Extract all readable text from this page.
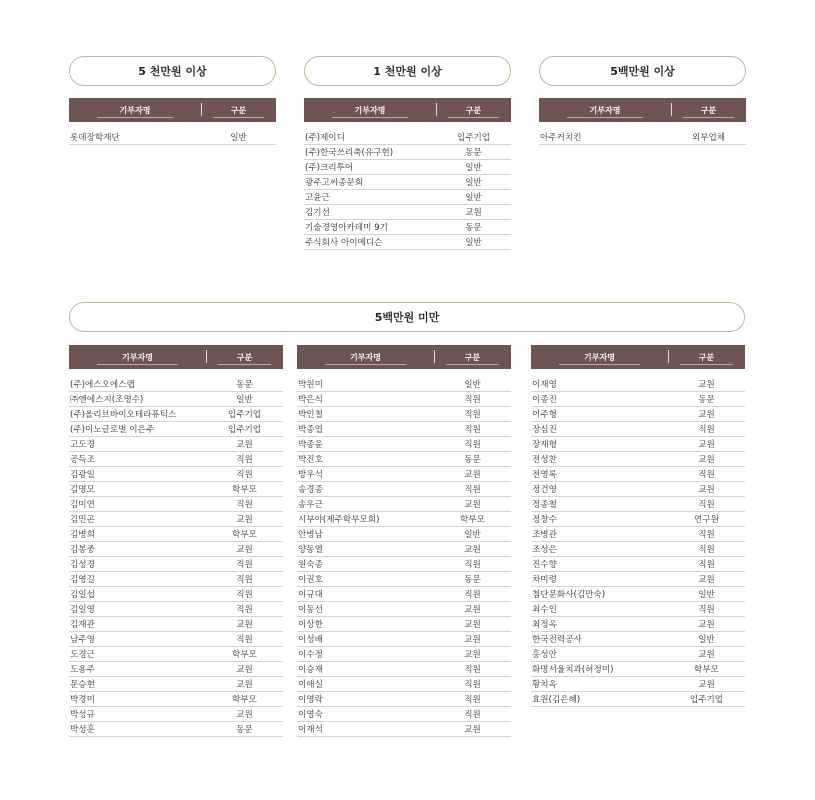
5 천만원 이상	1 천만원 이상	5백만원 이상
5백만원 미만
기부자명	구분
롯데장학재단	일반
기부자명	구분
(주)제이디	입주기업
(주)한국쓰리축(유구현)	동문
(주)크리투어	일반
광주고씨종문회	일반
고윤근	일반
김기선	교원
기술경영아카데미 9기	동문
주식회사 아이메디슨	일반
기부자명	구분
아주커치킨	외부업체
기부자명	구분
(주)에스오에스랩	동문
㈜엔에스지(조명수)	일반
(주)올리브바이오테라퓨틱스	입주기업
(주)이노글로벌 이은주	입주기업
고도경	교원
공득조	직원
김광일	직원
김명모	학부모
김미연	직원
김민곤	교원
김병희	학부모
김봉중	교원
김성경	직원
김영길	직원
김일섭	직원
김일영	직원
김재관	교원
남주영	직원
도경근	학부모
도용주	교원
문승현	교원
박경미	학부모
박성규	교원
박성훈	동문
기부자명	구분
박원미	일반
박은식	직원
박인철	직원
박종엽	직원
박종윤	직원
박진호	동문
방우석	교원
송경종	직원
송우근	교원
시부야(제주학부모회)	학부모
안병남	일반
양동열	교원
원숙종	직원
이권호	동문
이규대	직원
이동선	교원
이상한	교원
이성배	교원
이수정	교원
이승재	직원
이애실	직원
이영락	직원
이영숙	직원
이재석	교원
기부자명	구분
이재영	교원
이종진	동문
이주형	교원
장심진	직원
장재형	교원
전성찬	교원
전영록	직원
정건영	교원
정종철	직원
정창수	연구원
조병관	직원
조성은	직원
진수향	직원
차미령	교원
첨단문화사(김만숙)	일반
최수인	직원
최정옥	교원
한국전력공사	일반
홍성안	교원
화명서울치과(허정미)	학부모
황치옥	교원
효원(김은혜)	입주기업
